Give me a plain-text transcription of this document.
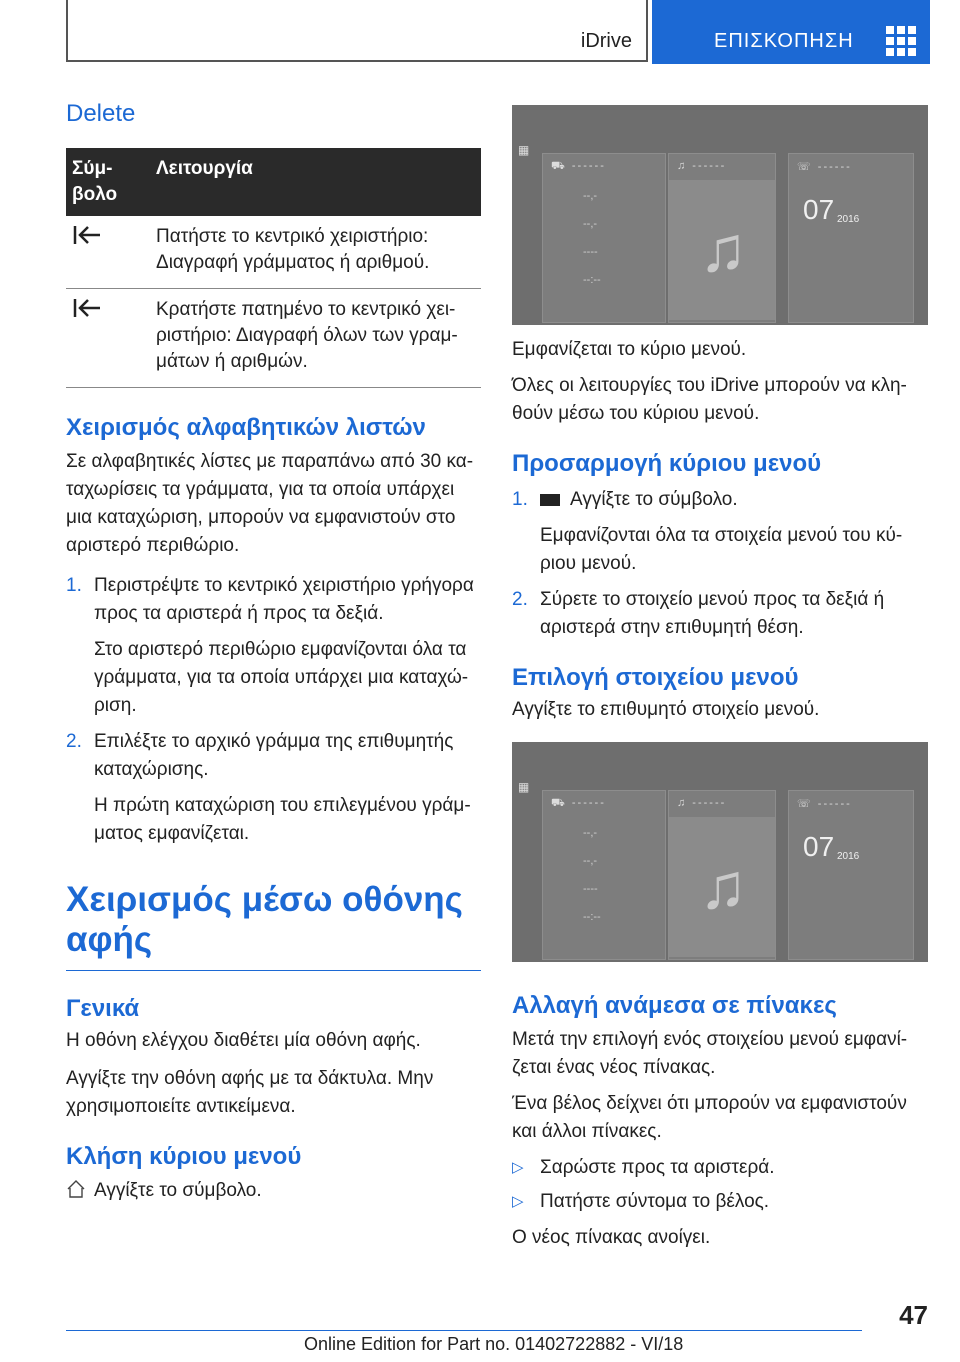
iDrive	ΕΠΙΣΚΟΠΗΣΗ
Delete
Σύμ-
βολο	Λειτουργία
	Πατήστε το κεντρικό χειριστήριο: Διαγραφή γράμματος ή αριθμού.
	Κρατήστε πατημένο το κεντρικό χει-ριστήριο: Διαγραφή όλων των γραμ-μάτων ή αριθμών.
Χειρισμός αλφαβητικών λιστών

Σε αλφαβητικές λίστες με παραπάνω από 30 κα-ταχωρίσεις τα γράμματα, για τα οποία υπάρχει μια καταχώριση, μπορούν να εμφανιστούν στο αριστερό περιθώριο.

1. Περιστρέψτε το κεντρικό χειριστήριο γρήγορα προς τα αριστερά ή προς τα δεξιά.
Στο αριστερό περιθώριο εμφανίζονται όλα τα γράμματα, για τα οποία υπάρχει μια καταχώ-ριση.
2. Επιλέξτε το αρχικό γράμμα της επιθυμητής καταχώρισης.
Η πρώτη καταχώριση του επιλεγμένου γράμ-ματος εμφανίζεται.
Χειρισμός μέσω οθόνης αφής
Γενικά

Η οθόνη ελέγχου διαθέτει μία οθόνη αφής.

Αγγίξτε την οθόνη αφής με τα δάκτυλα. Μην χρησιμοποιείτε αντικείμενα.

Κλήση κύριου μενού
Αγγίξτε το σύμβολο.
⛟ ------
--,-
--,-
----
--:--
♫ ------
♫
☏ ------
07 2016
▦

Εμφανίζεται το κύριο μενού.

Όλες οι λειτουργίες του iDrive μπορούν να κλη-θούν μέσω του κύριου μενού.

Προσαρμογή κύριου μενού
1. Αγγίξτε το σύμβολο.
Εμφανίζονται όλα τα στοιχεία μενού του κύ-ριου μενού.
2. Σύρετε το στοιχείο μενού προς τα δεξιά ή αριστερά στην επιθυμητή θέση.
Επιλογή στοιχείου μενού

Αγγίξτε το επιθυμητό στοιχείο μενού.

⛟ ------
--,-
--,-
----
--:--
♫ ------
♫
☏ ------
07 2016
▦
Αλλαγή ανάμεσα σε πίνακες

Μετά την επιλογή ενός στοιχείου μενού εμφανί-ζεται ένας νέος πίνακας.

Ένα βέλος δείχνει ότι μπορούν να εμφανιστούν και άλλοι πίνακες.

▷ Σαρώστε προς τα αριστερά.
▷ Πατήστε σύντομα το βέλος.

Ο νέος πίνακας ανοίγει.

47
Online Edition for Part no. 01402722882 - VI/18
